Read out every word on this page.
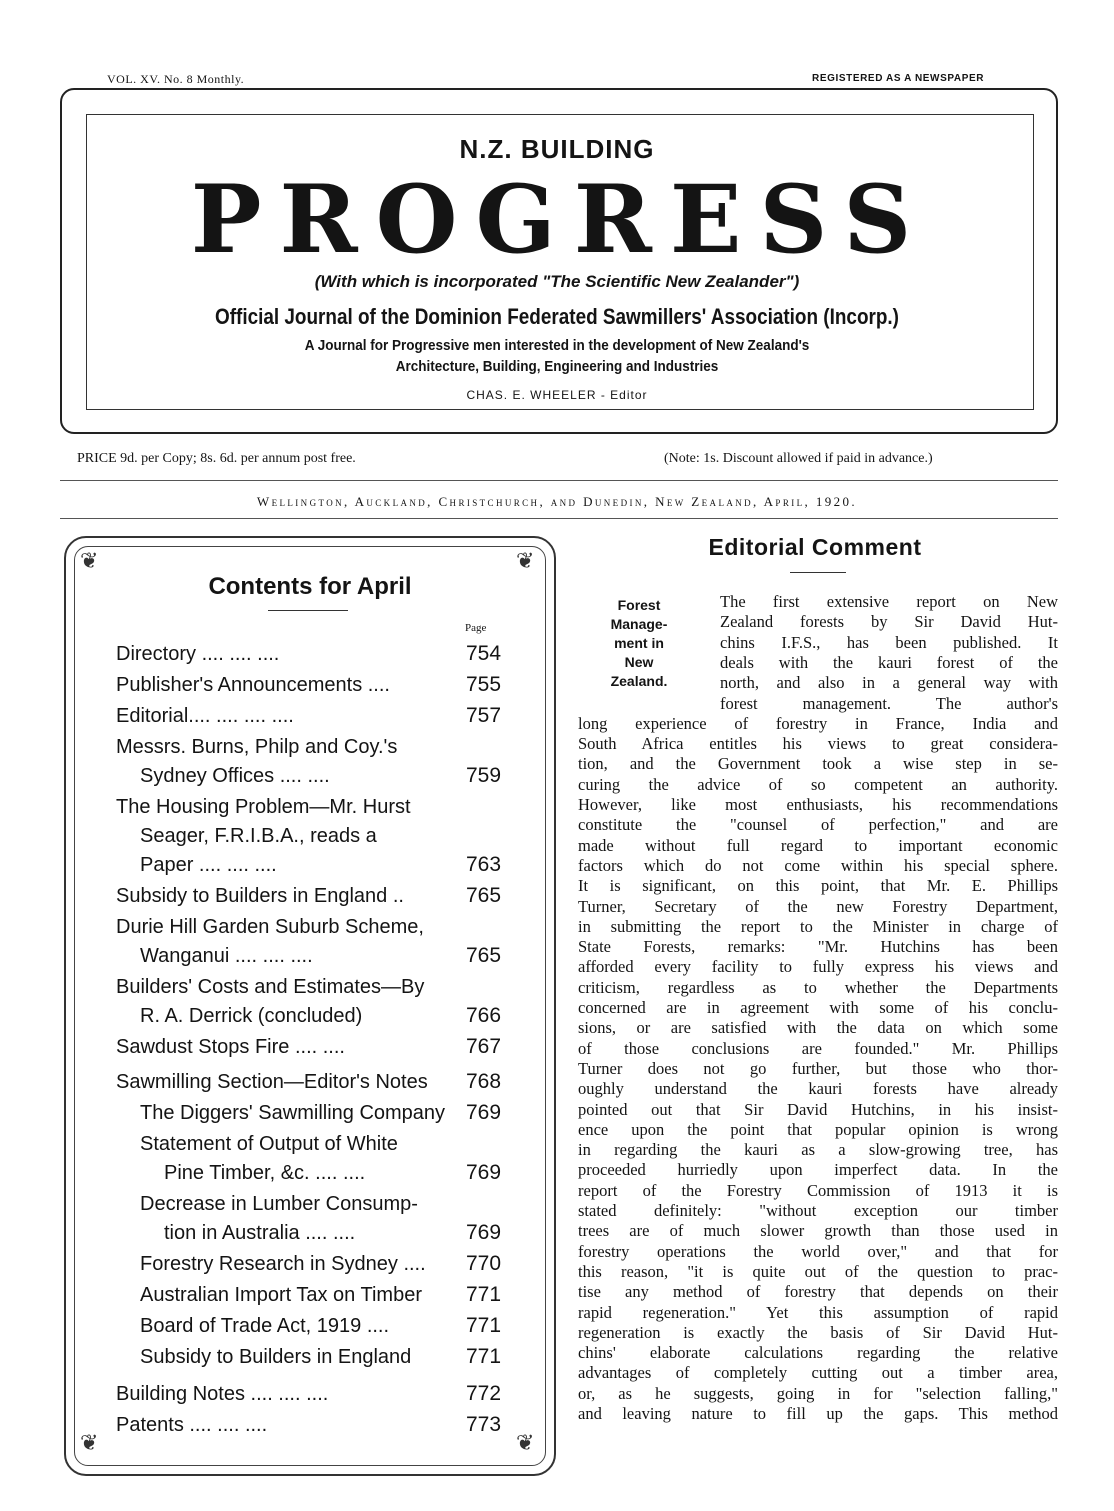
VOL. XV. No. 8 Monthly.	REGISTERED AS A NEWSPAPER
N.Z. BUILDING
PROGRESS
(With which is incorporated "The Scientific New Zealander")
Official Journal of the Dominion Federated Sawmillers' Association (Incorp.)
A Journal for Progressive men interested in the development of New Zealand's
Architecture, Building, Engineering and Industries
CHAS. E. WHEELER - Editor
PRICE 9d. per Copy; 8s. 6d. per annum post free.	(Note: 1s. Discount allowed if paid in advance.)
Wellington, Auckland, Christchurch, and Dunedin, New Zealand, April, 1920.
❦	❦
❦	❦
Contents for April
Page
Directory .... .... ....	754
Publisher's Announcements ....	755
Editorial.... .... .... ....	757
Messrs. Burns, Philp and Coy.'s
Sydney Offices .... ....	759
The Housing Problem—Mr. Hurst
Seager, F.R.I.B.A., reads a
Paper .... .... ....	763
Subsidy to Builders in England ..	765
Durie Hill Garden Suburb Scheme,
Wanganui .... .... ....	765
Builders' Costs and Estimates—By
R. A. Derrick (concluded)	766
Sawdust Stops Fire .... ....	767
Sawmilling Section—Editor's Notes	768
The Diggers' Sawmilling Company 769
Statement of Output of White
Pine Timber, &c. .... ....	769
Decrease in Lumber Consump-
tion in Australia .... ....	769
Forestry Research in Sydney ....	770
Australian Import Tax on Timber	771
Board of Trade Act, 1919 ....	771
Subsidy to Builders in England	771
Building Notes .... .... ....	772
Patents .... .... ....	773
Editorial Comment
Forest
Manage-
ment in
New
Zealand.
The first extensive report on New
Zealand forests by Sir David Hut-
chins I.F.S., has been published. It
deals with the kauri forest of the
north, and also in a general way with
forest management. The author's
long experience of forestry in France, India and
South Africa entitles his views to great considera-
tion, and the Government took a wise step in se-
curing the advice of so competent an authority.
However, like most enthusiasts, his recommendations
constitute the "counsel of perfection," and are
made without full regard to important economic
factors which do not come within his special sphere.
It is significant, on this point, that Mr. E. Phillips
Turner, Secretary of the new Forestry Department,
in submitting the report to the Minister in charge of
State Forests, remarks: "Mr. Hutchins has been
afforded every facility to fully express his views and
criticism, regardless as to whether the Departments
concerned are in agreement with some of his conclu-
sions, or are satisfied with the data on which some
of those conclusions are founded." Mr. Phillips
Turner does not go further, but those who thor-
oughly understand the kauri forests have already
pointed out that Sir David Hutchins, in his insist-
ence upon the point that popular opinion is wrong
in regarding the kauri as a slow-growing tree, has
proceeded hurriedly upon imperfect data. In the
report of the Forestry Commission of 1913 it is
stated definitely: "without exception our timber
trees are of much slower growth than those used in
forestry operations the world over," and that for
this reason, "it is quite out of the question to prac-
tise any method of forestry that depends on their
rapid regeneration." Yet this assumption of rapid
regeneration is exactly the basis of Sir David Hut-
chins' elaborate calculations regarding the relative
advantages of completely cutting out a timber area,
or, as he suggests, going in for "selection falling,"
and leaving nature to fill up the gaps. This method
